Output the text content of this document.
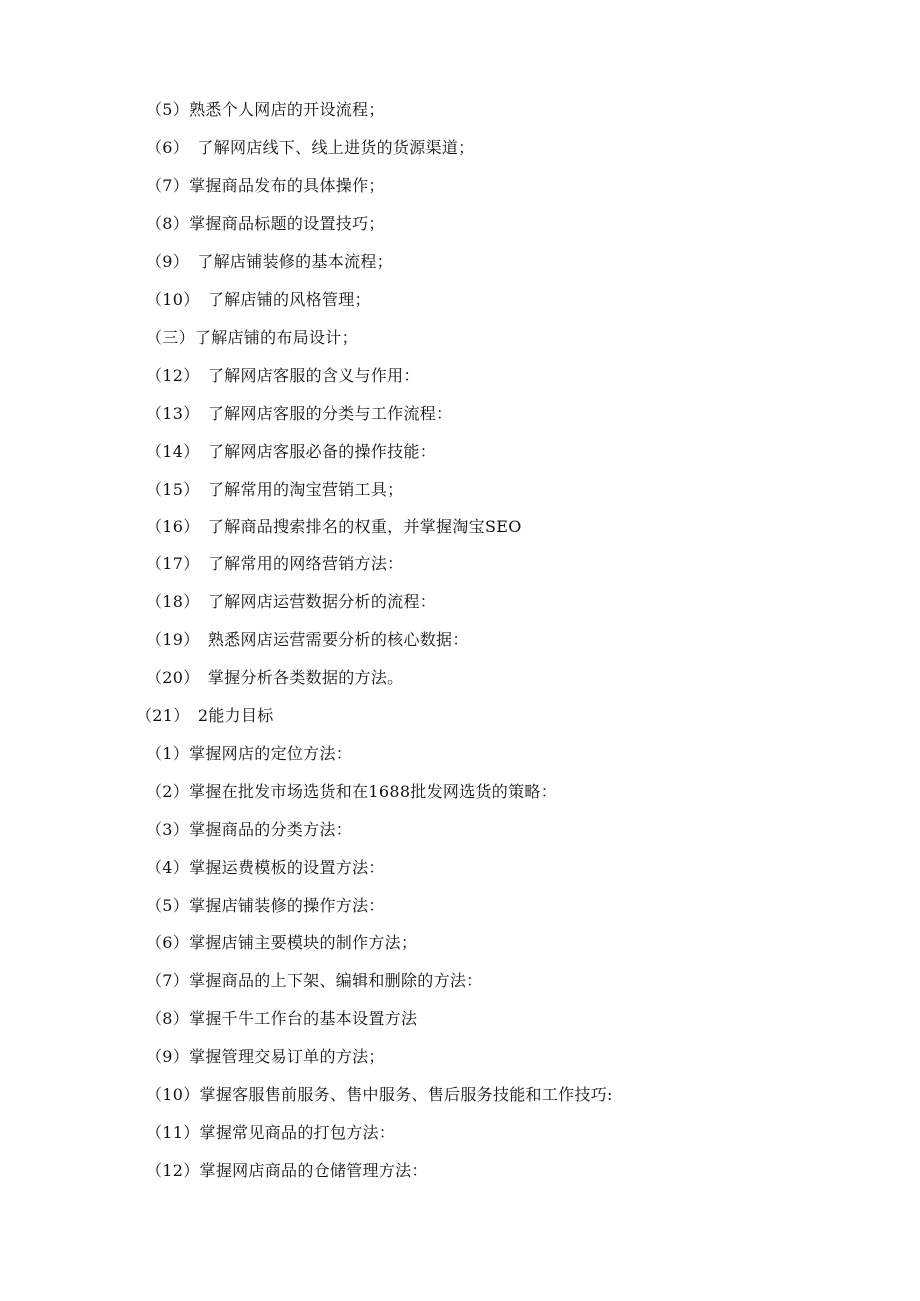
（5）熟悉个人网店的开设流程；
（6）　了解网店线下、线上进货的货源渠道；
（7）掌握商品发布的具体操作；
（8）掌握商品标题的设置技巧；
（9）　了解店铺装修的基本流程；
（10）　了解店铺的风格管理；
（三）了解店铺的布局设计；
（12）　了解网店客服的含义与作用：
（13）　了解网店客服的分类与工作流程：
（14）　了解网店客服必备的操作技能：
（15）　了解常用的淘宝营销工具；
（16）　了解商品搜索排名的权重，并掌握淘宝SEO
（17）　了解常用的网络营销方法：
（18）　了解网店运营数据分析的流程：
（19）　熟悉网店运营需要分析的核心数据：
（20）　掌握分析各类数据的方法。
（21）　2能力目标
（1）掌握网店的定位方法：
（2）掌握在批发市场选货和在1688批发网选货的策略：
（3）掌握商品的分类方法：
（4）掌握运费模板的设置方法：
（5）掌握店铺装修的操作方法：
（6）掌握店铺主要模块的制作方法；
（7）掌握商品的上下架、编辑和删除的方法：
（8）掌握千牛工作台的基本设置方法
（9）掌握管理交易订单的方法；
（10）掌握客服售前服务、售中服务、售后服务技能和工作技巧:
（11）掌握常见商品的打包方法：
（12）掌握网店商品的仓储管理方法：
